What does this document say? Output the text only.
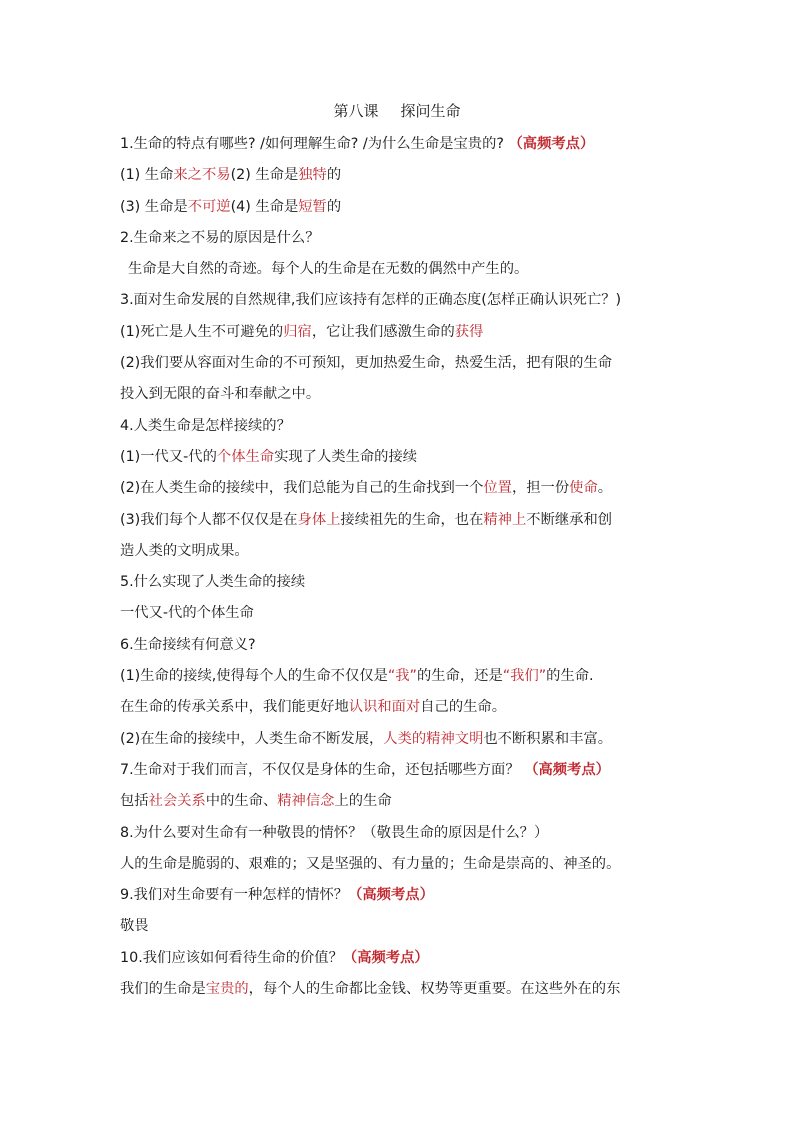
第八课 探问生命
1.生命的特点有哪些? /如何理解生命? /为什么生命是宝贵的? （高频考点）
(1) 生命来之不易(2) 生命是独特的
(3) 生命是不可逆(4) 生命是短暂的
2.生命来之不易的原因是什么？
生命是大自然的奇迹。每个人的生命是在无数的偶然中产生的。
3.面对生命发展的自然规律,我们应该持有怎样的正确态度(怎样正确认识死亡？)
(1)死亡是人生不可避免的归宿，它让我们感激生命的获得
(2)我们要从容面对生命的不可预知，更加热爱生命，热爱生活，把有限的生命
投入到无限的奋斗和奉献之中。
4.人类生命是怎样接续的？
(1)一代又-代的个体生命实现了人类生命的接续
(2)在人类生命的接续中，我们总能为自己的生命找到一个位置，担一份使命。
(3)我们每个人都不仅仅是在身体上接续祖先的生命，也在精神上不断继承和创
造人类的文明成果。
5.什么实现了人类生命的接续
一代又-代的个体生命
6.生命接续有何意义?
(1)生命的接续,使得每个人的生命不仅仅是“我”的生命，还是“我们”的生命.
在生命的传承关系中，我们能更好地认识和面对自己的生命。
(2)在生命的接续中，人类生命不断发展，人类的精神文明也不断积累和丰富。
7.生命对于我们而言，不仅仅是身体的生命，还包括哪些方面？ （高频考点）
包括社会关系中的生命、精神信念上的生命
8.为什么要对生命有一种敬畏的情怀？（敬畏生命的原因是什么？）
人的生命是脆弱的、艰难的；又是坚强的、有力量的；生命是崇高的、神圣的。
9.我们对生命要有一种怎样的情怀？（高频考点）
敬畏
10.我们应该如何看待生命的价值？（高频考点）
我们的生命是宝贵的，每个人的生命都比金钱、权势等更重要。在这些外在的东
